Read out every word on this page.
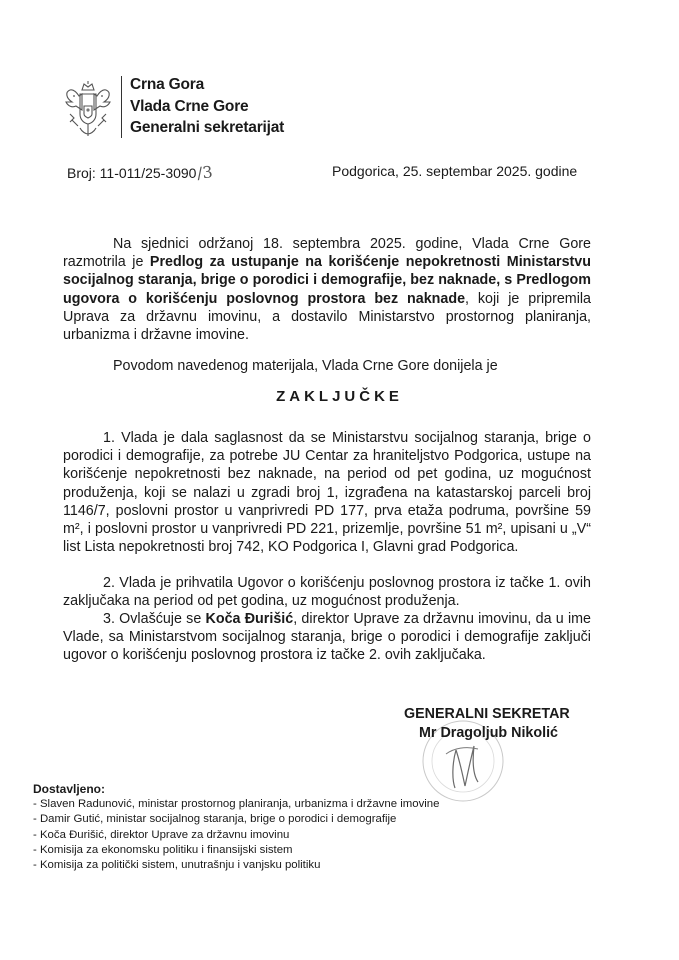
Crna Gora
Vlada Crne Gore
Generalni sekretarijat
Broj: 11-011/25-3090/3	Podgorica, 25. septembar 2025. godine
Na sjednici održanoj 18. septembra 2025. godine, Vlada Crne Gore razmotrila je Predlog za ustupanje na korišćenje nepokretnosti Ministarstvu socijalnog staranja, brige o porodici i demografije, bez naknade, s Predlogom ugovora o korišćenju poslovnog prostora bez naknade, koji je pripremila Uprava za državnu imovinu, a dostavilo Ministarstvo prostornog planiranja, urbanizma i državne imovine.
Povodom navedenog materijala, Vlada Crne Gore donijela je
ZAKLJUČKE
1. Vlada je dala saglasnost da se Ministarstvu socijalnog staranja, brige o porodici i demografije, za potrebe JU Centar za hraniteljstvo Podgorica, ustupe na korišćenje nepokretnosti bez naknade, na period od pet godina, uz mogućnost produženja, koji se nalazi u zgradi broj 1, izgrađena na katastarskoj parceli broj 1146/7, poslovni prostor u vanprivredi PD 177, prva etaža podruma, površine 59 m², i poslovni prostor u vanprivredi PD 221, prizemlje, površine 51 m², upisani u „V“ list Lista nepokretnosti broj 742, KO Podgorica I, Glavni grad Podgorica.
2. Vlada je prihvatila Ugovor o korišćenju poslovnog prostora iz tačke 1. ovih zaključaka na period od pet godina, uz mogućnost produženja.
3. Ovlašćuje se Koča Đurišić, direktor Uprave za državnu imovinu, da u ime Vlade, sa Ministarstvom socijalnog staranja, brige o porodici i demografije zaključi ugovor o korišćenju poslovnog prostora iz tačke 2. ovih zaključaka.
GENERALNI SEKRETAR
Mr Dragoljub Nikolić
Dostavljeno:
- Slaven Radunović, ministar prostornog planiranja, urbanizma i državne imovine
- Damir Gutić, ministar socijalnog staranja, brige o porodici i demografije
- Koča Đurišić, direktor Uprave za državnu imovinu
- Komisija za ekonomsku politiku i finansijski sistem
- Komisija za politički sistem, unutrašnju i vanjsku politiku
